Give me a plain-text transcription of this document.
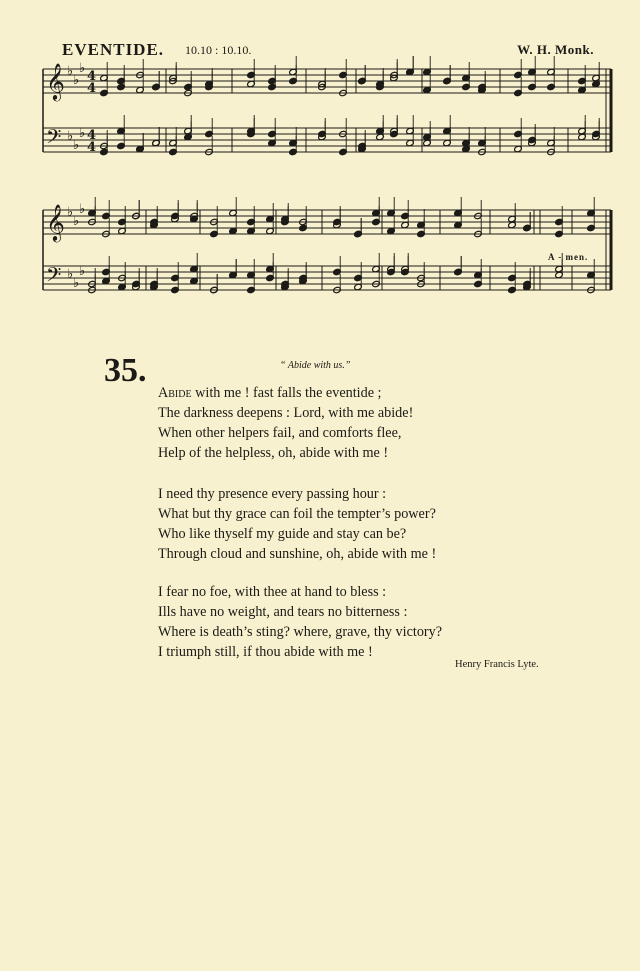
EVENTIDE. 10.10 : 10.10.	W. H. Monk.
𝄞 ♭
♭
♭
4
4
𝄢 ♭
♭
♭ 4
4
𝄞 ♭
♭
♭
𝄢 ♭
♭
♭
A - men.
35.	“ Abide with us.”
Abide with me ! fast falls the eventide ;
The darkness deepens : Lord, with me abide!
When other helpers fail, and comforts flee,
Help of the helpless, oh, abide with me !
I need thy presence every passing hour :
What but thy grace can foil the tempter’s power?
Who like thyself my guide and stay can be?
Through cloud and sunshine, oh, abide with me !
I fear no foe, with thee at hand to bless :
Ills have no weight, and tears no bitterness :
Where is death’s sting? where, grave, thy victory?
I triumph still, if thou abide with me !
Henry Francis Lyte.
